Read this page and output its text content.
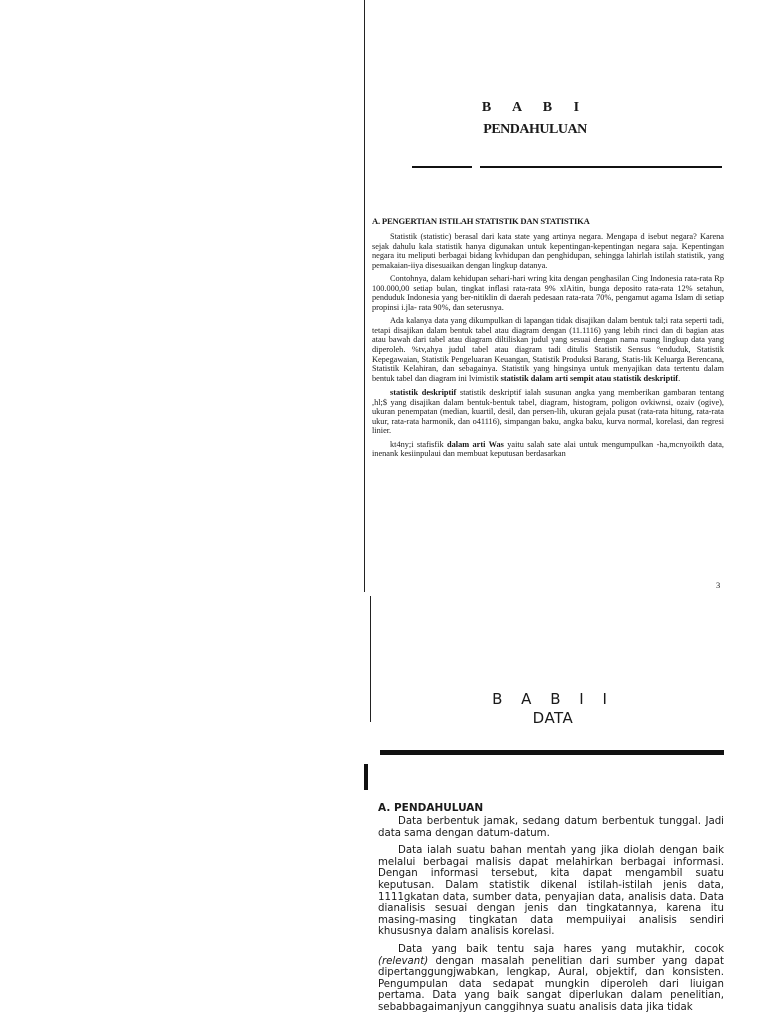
B A B I
PENDAHULUAN
A. PENGERTIAN ISTILAH STATISTIK DAN STATISTIKA

Statistik (statistic) berasal dari kata state yang artinya negara. Mengapa d isebut negara? Karena sejak dahulu kala statistik hanya digunakan untuk kepentingan-kepentingan negara saja. Kepentingan negara itu meliputi berbagai bidang kvhidupan dan penghidupan, sehingga lahirlah istilah statistik, yang pemakaian-iiya disesuaikan dengan lingkup datanya.

Contohnya, dalam kehidupan sehari-hari wring kita dengan penghasilan Cing Indonesia rata-rata Rp 100.000,00 setiap bulan, tingkat inflasi rata-rata 9% xlAitin, bunga deposito rata-rata 12% setahun, penduduk Indonesia yang ber-nitiklin di daerah pedesaan rata-rata 70%, pengamut agama Islam di setiap propinsi i.jla- rata 90%, dan seterusnya.

Ada kalanya data yang dikumpulkan di lapangan tidak disajikan dalam bentuk tal;i rata seperti tadi, tetapi disajikan dalam bentuk tabel atau diagram dengan (11.1116) yang lebih rinci dan di bagian atas atau bawah dari tabel atau diagram diltiliskan judul yang sesuai dengan nama ruang lingkup data yang diperoleh. %tv,ahya judul tabel atau diagram tadi ditulis Statistik Sensus ºenduduk, Statistik Kepegawaian, Statistik Pengeluaran Keuangan, Statistik Produksi Barang, Statis-lik Keluarga Berencana, Statistik Kelahiran, dan sebagainya. Statistik yang hingsinya untuk menyajikan data tertentu dalam bentuk tabel dan diagram ini lvimistik statistik dalam arti sempit atau statistik deskriptif.

statistik deskriptif statistik deskriptif ialah susunan angka yang memberikan gambaran tentang ,hl;$ yang disajikan dalam bentuk-bentuk tabel, diagram, histogram, poligon ovkiwnsi, ozaiv (ogive), ukuran penempatan (median, kuartil, desil, dan persen-lih, ukuran gejala pusat (rata-rata hitung, rata-rata ukur, rata-rata harmonik, dan o41116), simpangan baku, angka baku, kurva normal, korelasi, dan regresi linier.

kt4ny;i stafisfik dalam arti Was yaitu salah sate alai untuk mengumpulkan -ha,mcnyoikth data, inenank kesiinpulaui dan membuat keputusan berdasarkan

3
B A B I I
DATA
A. PENDAHULUAN

Data berbentuk jamak, sedang datum berbentuk tunggal. Jadi data sama dengan datum-datum.

Data ialah suatu bahan mentah yang jika diolah dengan baik melalui berbagai malisis dapat melahirkan berbagai informasi. Dengan informasi tersebut, kita dapat mengambil suatu keputusan. Dalam statistik dikenal istilah-istilah jenis data, 1111gkatan data, sumber data, penyajian data, analisis data. Data dianalisis sesuai dengan jenis dan tingkatannya, karena itu masing-masing tingkatan data mempuiiyai analisis sendiri khususnya dalam analisis korelasi.

Data yang baik tentu saja hares yang mutakhir, cocok (relevant) dengan masalah penelitian dari sumber yang dapat dipertanggungjwabkan, lengkap, Aural, objektif, dan konsisten. Pengumpulan data sedapat mungkin diperoleh dari liuigan pertama. Data yang baik sangat diperlukan dalam penelitian, sebabbagaimanjyun canggihnya suatu analisis data jika tidak
